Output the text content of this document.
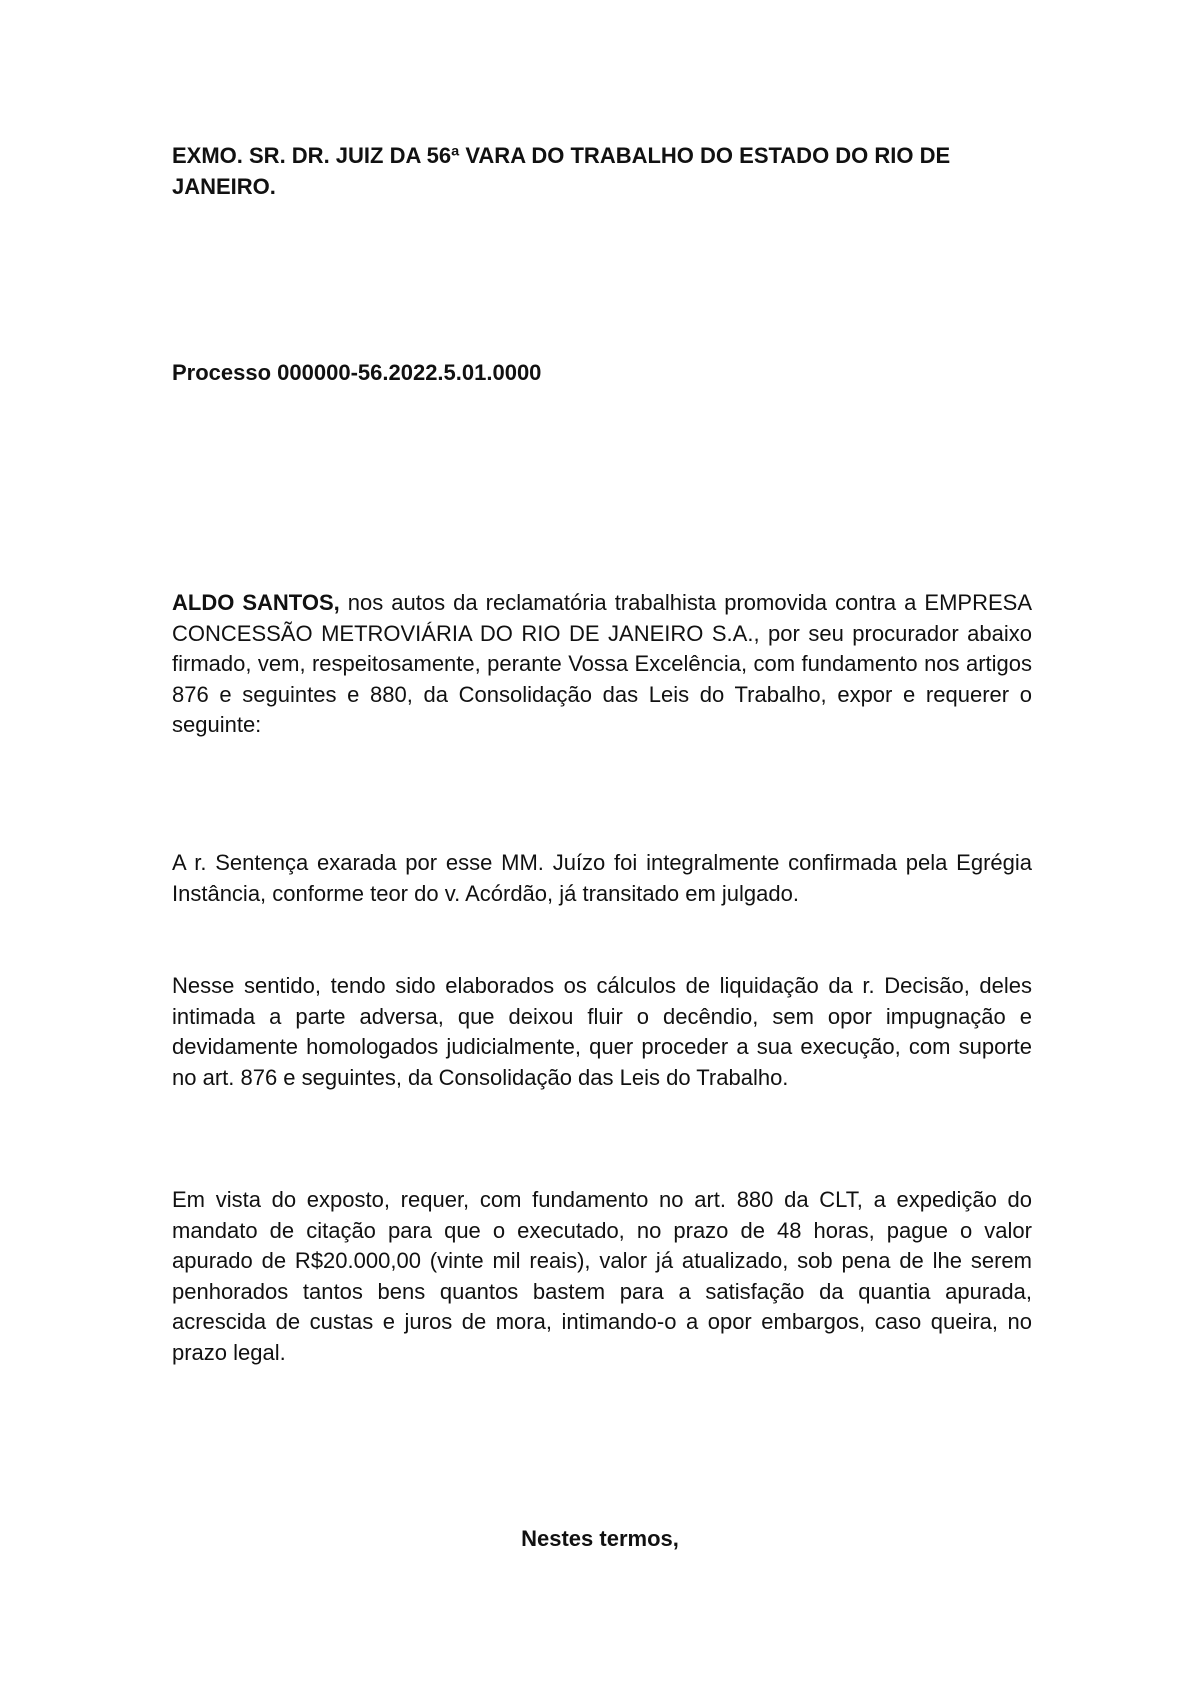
EXMO. SR. DR. JUIZ DA 56ª VARA DO TRABALHO DO ESTADO DO RIO DE JANEIRO.

Processo 000000-56.2022.5.01.0000

ALDO SANTOS, nos autos da reclamatória trabalhista promovida contra a EMPRESA CONCESSÃO METROVIÁRIA DO RIO DE JANEIRO S.A., por seu procurador abaixo firmado, vem, respeitosamente, perante Vossa Excelência, com fundamento nos artigos 876 e seguintes e 880, da Consolidação das Leis do Trabalho, expor e requerer o seguinte:

A r. Sentença exarada por esse MM. Juízo foi integralmente confirmada pela Egrégia Instância, conforme teor do v. Acórdão, já transitado em julgado.

Nesse sentido, tendo sido elaborados os cálculos de liquidação da r. Decisão, deles intimada a parte adversa, que deixou fluir o decêndio, sem opor impugnação e devidamente homologados judicialmente, quer proceder a sua execução, com suporte no art. 876 e seguintes, da Consolidação das Leis do Trabalho.

Em vista do exposto, requer, com fundamento no art. 880 da CLT, a expedição do mandato de citação para que o executado, no prazo de 48 horas, pague o valor apurado de R$20.000,00 (vinte mil reais), valor já atualizado, sob pena de lhe serem penhorados tantos bens quantos bastem para a satisfação da quantia apurada, acrescida de custas e juros de mora, intimando-o a opor embargos, caso queira, no prazo legal.

Nestes termos,
